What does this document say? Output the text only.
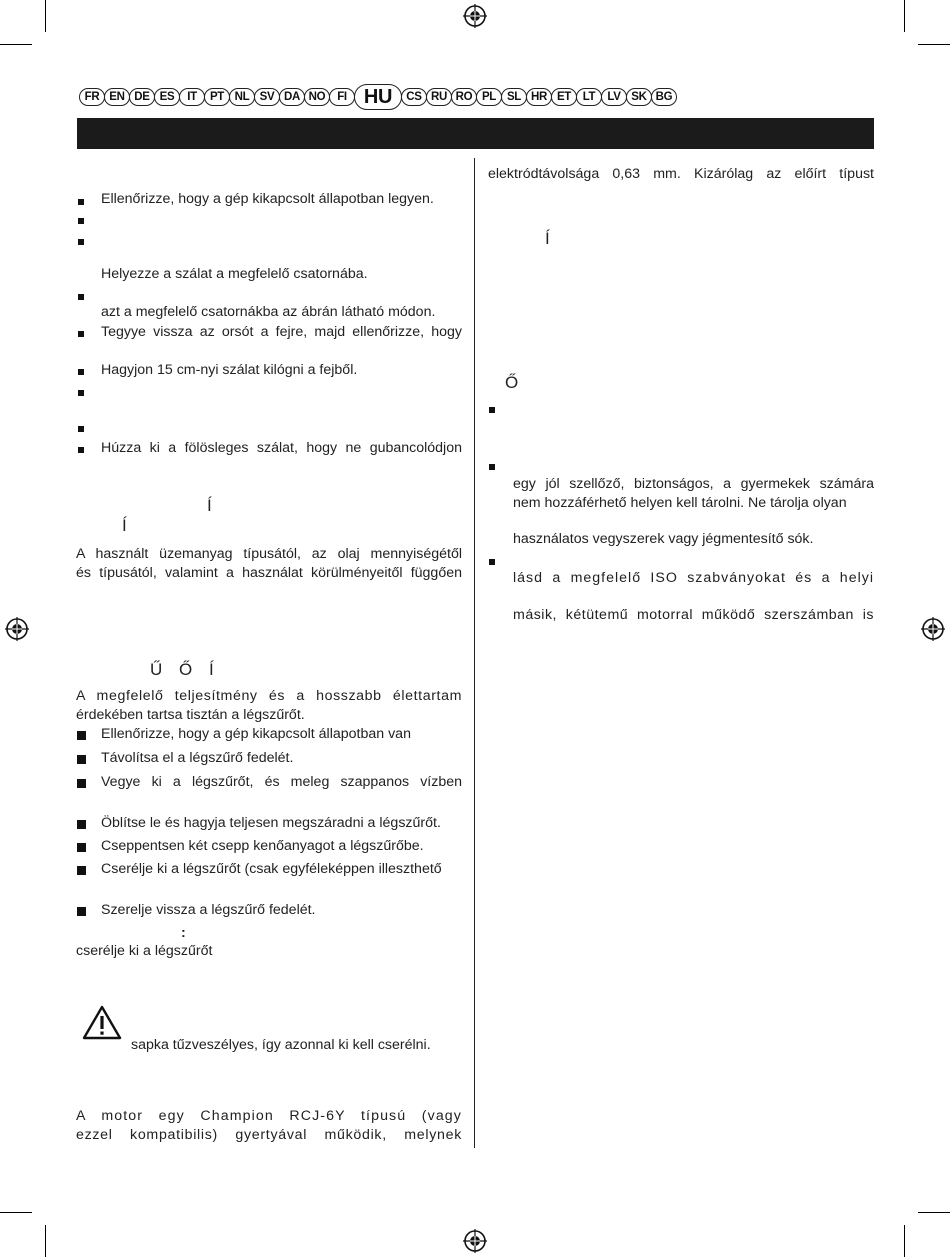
FR EN DE ES	IT	PT NL SV DA NO	FI HU	CS RU RO PL SL HR ET	LT	LV SK BG
Ellenőrizze, hogy a gép kikapcsolt állapotban legyen.
Helyezze a szálat a megfelelő csatornába.
azt a megfelelő csatornákba az ábrán látható módon.
Tegyye vissza az orsót a fejre, majd ellenőrizze, hogy
Hagyjon 15 cm-nyi szálat kilógni a fejből.
Húzza ki a fölösleges szálat, hogy ne gubancolódjon
Í
Í
A használt üzemanyag típusától, az olaj mennyiségétől
és típusától, valamint a használat körülményeitől függően
Ű Ő Í
A megfelelő teljesítmény és a hosszabb élettartam
érdekében tartsa tisztán a légszűrőt.
Ellenőrizze, hogy a gép kikapcsolt állapotban van
Távolítsa el a légszűrő fedelét.
Vegye ki a légszűrőt, és meleg szappanos vízben
Öblítse le és hagyja teljesen megszáradni a légszűrőt.
Cseppentsen két csepp kenőanyagot a légszűrőbe.
Cserélje ki a légszűrőt (csak egyféleképpen illeszthető
Szerelje vissza a légszűrő fedelét.
:
cserélje ki a légszűrőt
sapka tűzveszélyes, így azonnal ki kell cserélni.
A motor egy Champion RCJ-6Y típusú (vagy
ezzel kompatibilis) gyertyával működik, melynek
elektródtávolsága 0,63 mm. Kizárólag az előírt típust
Í
Ő
egy jól szellőző, biztonságos, a gyermekek számára
nem hozzáférhető helyen kell tárolni. Ne tárolja olyan
használatos vegyszerek vagy jégmentesítő sók.
lásd a megfelelő ISO szabványokat és a helyi
másik, kétütemű motorral működő szerszámban is
